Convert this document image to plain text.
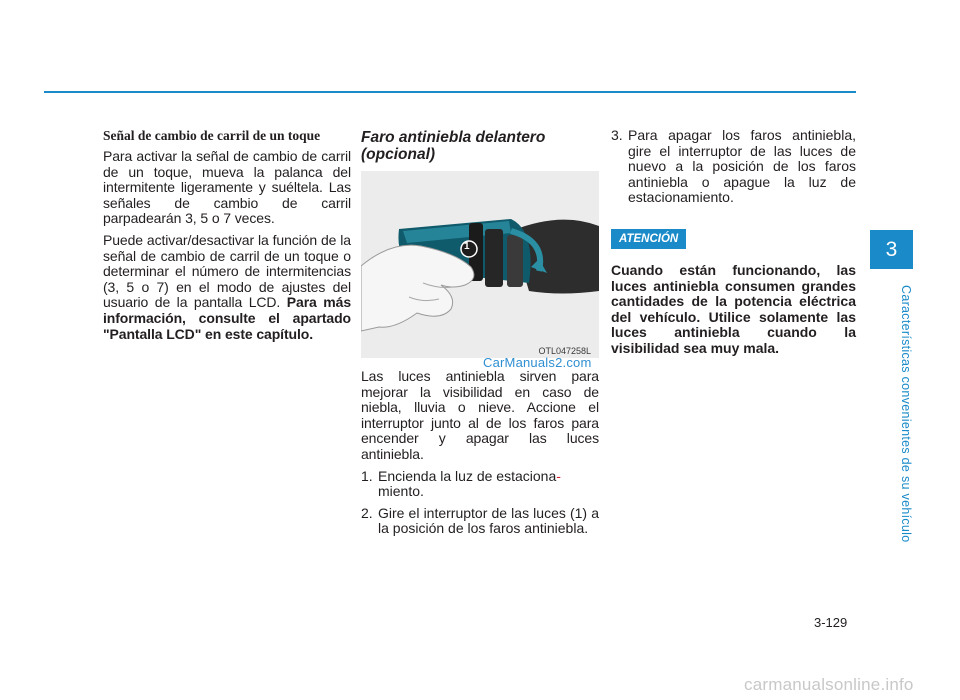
Señal de cambio de carril de un toque

Para activar la señal de cambio de carril de un toque, mueva la palanca del intermitente ligeramente y suéltela. Las señales de cambio de carril parpadearán 3, 5 o 7 veces.

Puede activar/desactivar la función de la señal de cambio de carril de un toque o determinar el número de intermitencias (3, 5 o 7) en el modo de ajustes del usuario de la pantalla LCD. Para más información, consulte el apartado "Pantalla LCD" en este capítulo.

Faro antiniebla delantero (opcional)
1
OTL047258L

Las luces antiniebla sirven para mejorar la visibilidad en caso de niebla, lluvia o nieve. Accione el interruptor junto al de los faros para encender y apagar las luces antiniebla.

1. Encienda la luz de estaciona-
miento.
2. Gire el interruptor de las luces (1) a la posición de los faros antiniebla.
CarManuals2.com
3. Para apagar los faros antiniebla, gire el interruptor de las luces de nuevo a la posición de los faros antiniebla o apague la luz de estacionamiento.
ATENCIÓN

Cuando están funcionando, las luces antiniebla consumen grandes cantidades de la potencia eléctrica del vehículo. Utilice solamente las luces antiniebla cuando la visibilidad sea muy mala.

3
Características convenientes de su vehículo
3-129
carmanualsonline.info
